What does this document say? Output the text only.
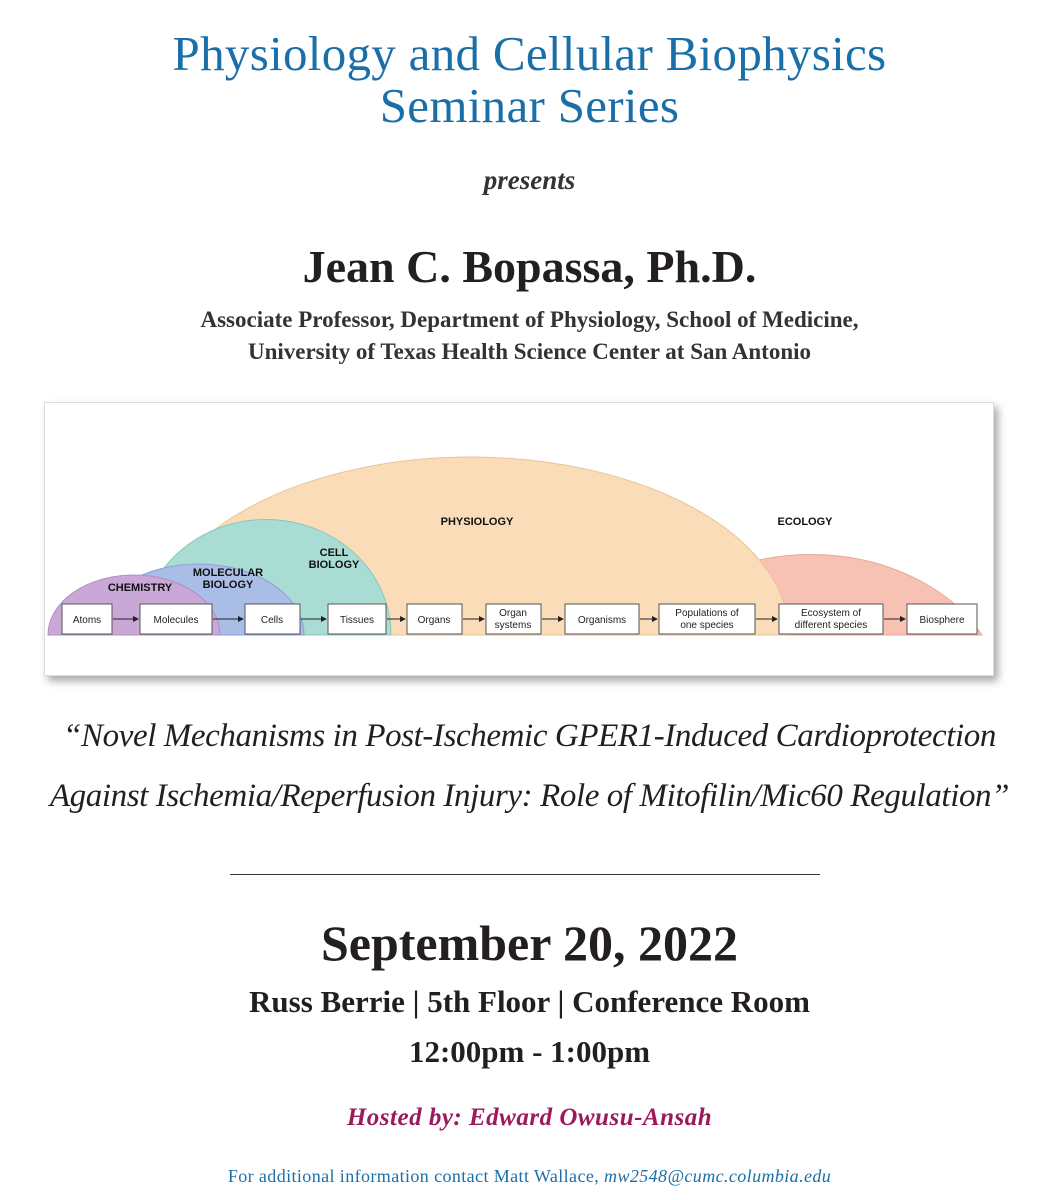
Physiology and Cellular Biophysics
Seminar Series
presents
Jean C. Bopassa, Ph.D.
Associate Professor, Department of Physiology, School of Medicine,
University of Texas Health Science Center at San Antonio
CHEMISTRY
MOLECULAR
BIOLOGY
CELL
BIOLOGY
PHYSIOLOGY	ECOLOGY
Atoms	Molecules	Cells	Tissues	Organs
Organ
systems	Organisms
Populations of
one species
Ecosystem of
different species	Biosphere
“Novel Mechanisms in Post-Ischemic GPER1-Induced Cardioprotection
Against Ischemia/Reperfusion Injury: Role of Mitofilin/Mic60 Regulation”
September 20, 2022
Russ Berrie | 5th Floor | Conference Room
12:00pm - 1:00pm
Hosted by: Edward Owusu-Ansah
For additional information contact Matt Wallace, mw2548@cumc.columbia.edu
